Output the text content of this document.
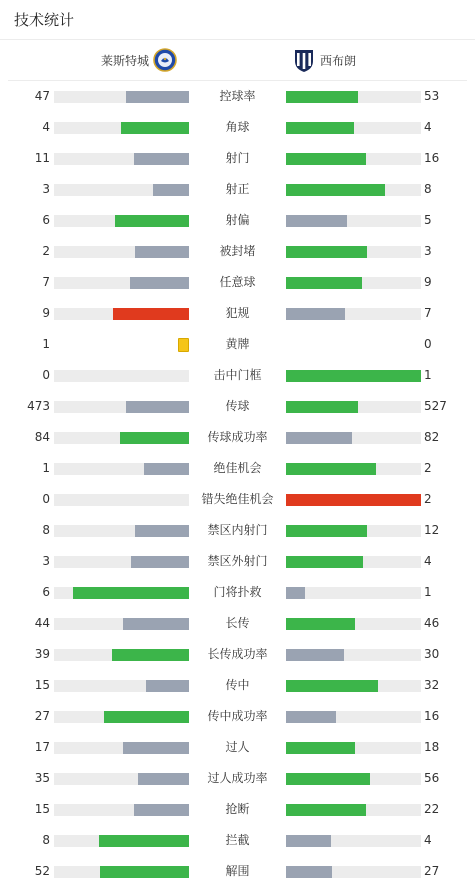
技术统计
莱斯特城	西布朗
47	控球率	53
4	角球	4
11	射门	16
3	射正	8
6	射偏	5
2	被封堵	3
7	任意球	9
9	犯规	7
1	黄牌	0
0	击中门框	1
473	传球	527
84	传球成功率	82
1	绝佳机会	2
0	错失绝佳机会	2
8	禁区内射门	12
3	禁区外射门	4
6	门将扑救	1
44	长传	46
39	长传成功率	30
15	传中	32
27	传中成功率	16
17	过人	18
35	过人成功率	56
15	抢断	22
8	拦截	4
52	解围	27
